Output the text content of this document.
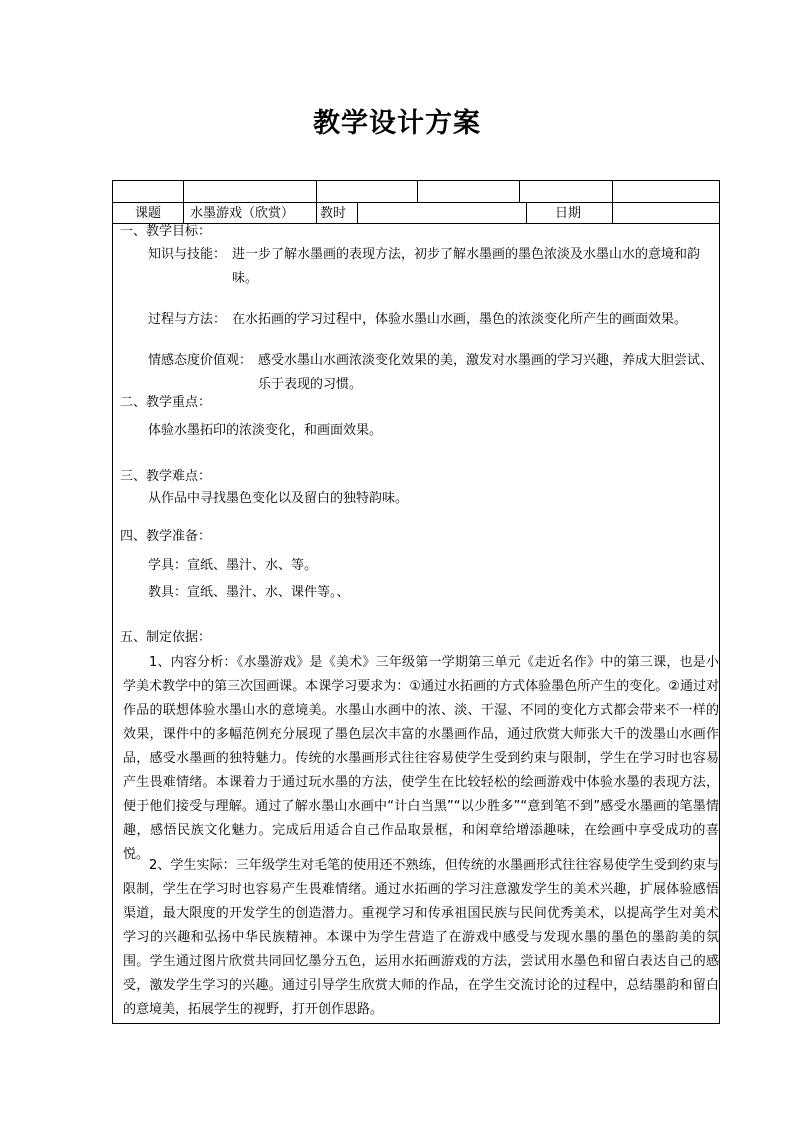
教学设计方案
课题 水墨游戏（欣赏） 教时	日期
一、教学目标：
知识与技能： 进一步了解水墨画的表现方法，初步了解水墨画的墨色浓淡及水墨山水的意境和韵味。
过程与方法： 在水拓画的学习过程中，体验水墨山水画，墨色的浓淡变化所产生的画面效果。
情感态度价值观： 感受水墨山水画浓淡变化效果的美，激发对水墨画的学习兴趣，养成大胆尝试、乐于表现的习惯。
二、教学重点：
体验水墨拓印的浓淡变化，和画面效果。
三、教学难点：
从作品中寻找墨色变化以及留白的独特韵味。
四、教学准备：
学具：宣纸、墨汁、水、等。
教具：宣纸、墨汁、水、课件等。、
五、制定依据：
1、内容分析：《水墨游戏》是《美术》三年级第一学期第三单元《走近名作》中的第三课，也是小学美术教学中的第三次国画课。本课学习要求为：①通过水拓画的方式体验墨色所产生的变化。②通过对作品的联想体验水墨山水的意境美。水墨山水画中的浓、淡、干湿、不同的变化方式都会带来不一样的效果，课件中的多幅范例充分展现了墨色层次丰富的水墨画作品，通过欣赏大师张大千的泼墨山水画作品，感受水墨画的独特魅力。传统的水墨画形式往往容易使学生受到约束与限制，学生在学习时也容易产生畏难情绪。本课着力于通过玩水墨的方法，使学生在比较轻松的绘画游戏中体验水墨的表现方法，便于他们接受与理解。通过了解水墨山水画中“计白当黑”“以少胜多”“意到笔不到”感受水墨画的笔墨情趣，感悟民族文化魅力。完成后用适合自己作品取景框，和闲章给增添趣味，在绘画中享受成功的喜悦。
2、学生实际：三年级学生对毛笔的使用还不熟练，但传统的水墨画形式往往容易使学生受到约束与限制，学生在学习时也容易产生畏难情绪。通过水拓画的学习注意激发学生的美术兴趣，扩展体验感悟渠道，最大限度的开发学生的创造潜力。重视学习和传承祖国民族与民间优秀美术，以提高学生对美术学习的兴趣和弘扬中华民族精神。本课中为学生营造了在游戏中感受与发现水墨的墨色的墨韵美的氛围。学生通过图片欣赏共同回忆墨分五色，运用水拓画游戏的方法，尝试用水墨色和留白表达自己的感受，激发学生学习的兴趣。通过引导学生欣赏大师的作品，在学生交流讨论的过程中，总结墨韵和留白的意境美，拓展学生的视野，打开创作思路。
